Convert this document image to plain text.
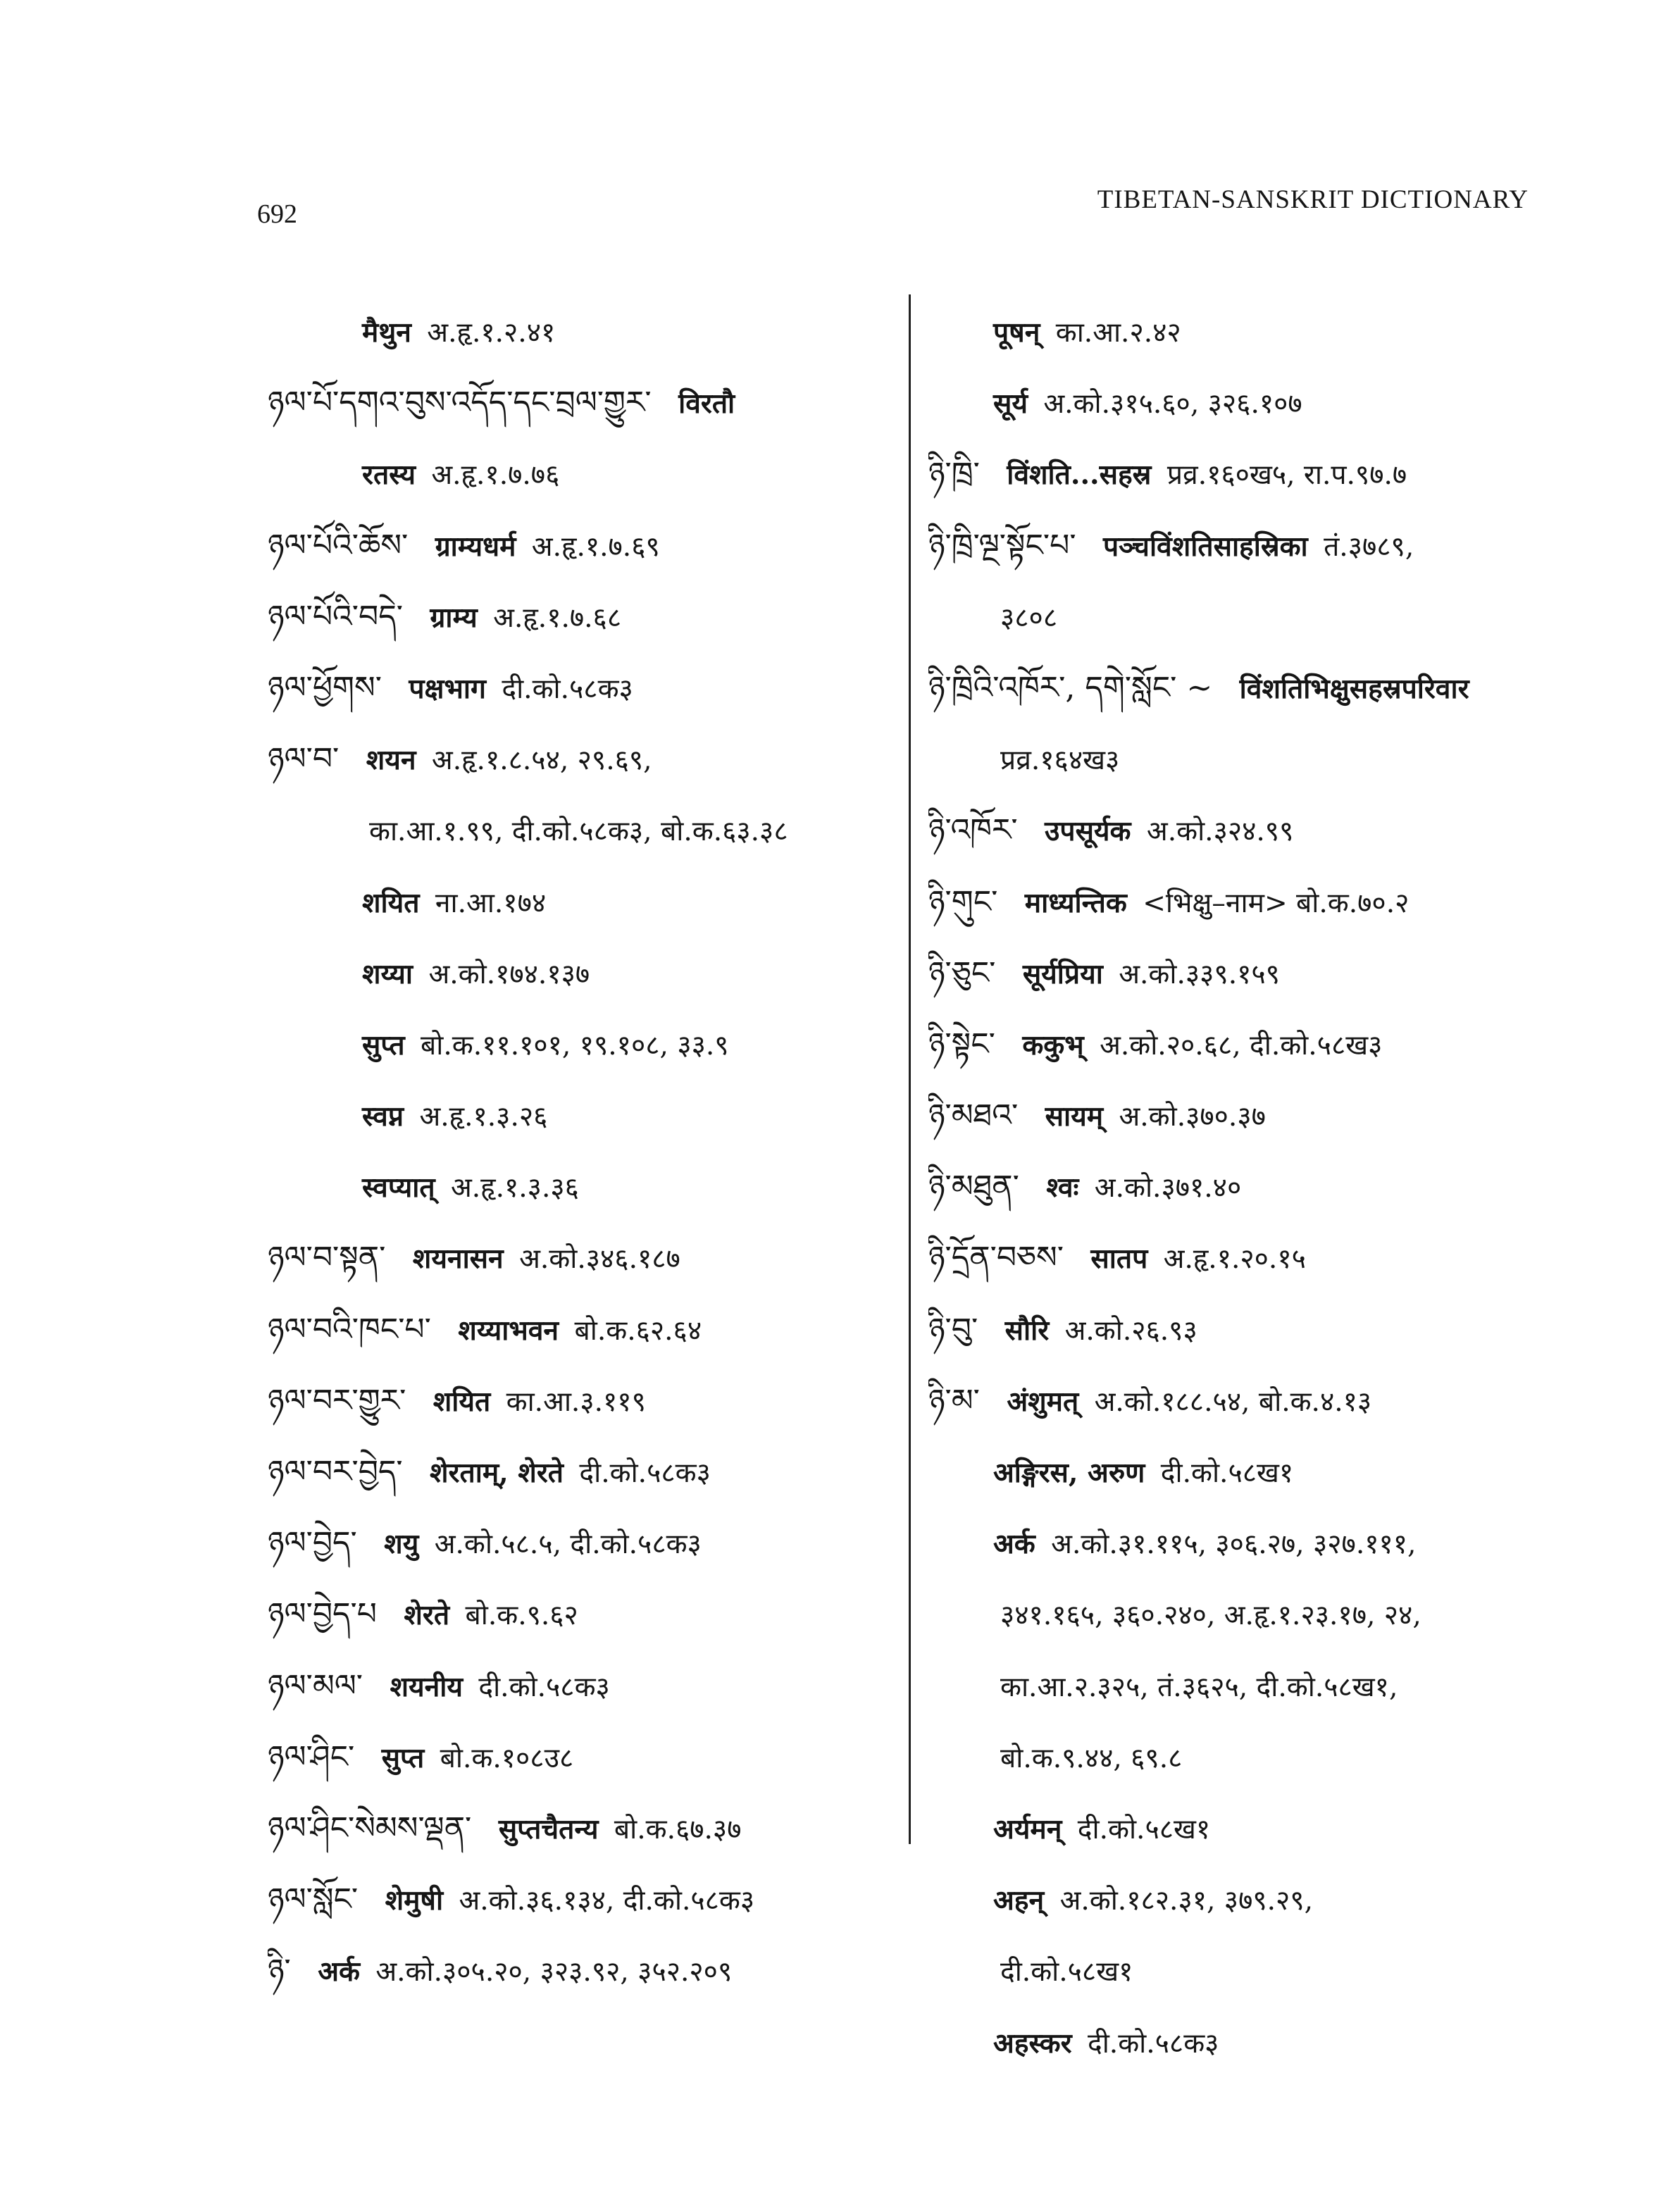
692	TIBETAN-SANSKRIT DICTIONARY
मैथुन अ.हृ.१.२.४१
ཉལ་པོ་དགའ་བུས་འདོད་དང་བྲལ་གྱུར་ विरतौ
रतस्य अ.हृ.१.७.७६
ཉལ་པོའི་ཆོས་ ग्राम्यधर्म अ.हृ.१.७.६९
ཉལ་པོའི་བདེ་ ग्राम्य अ.हृ.१.७.६८
ཉལ་ཕྱོགས་ पक्षभाग दी.को.५८क३
ཉལ་བ་ शयन अ.हृ.१.८.५४, २९.६९,
का.आ.१.९९, दी.को.५८क३, बो.क.६३.३८
शयित ना.आ.१७४
शय्या अ.को.१७४.१३७
सुप्त बो.क.११.१०१, १९.१०८, ३३.९
स्वप्न अ.हृ.१.३.२६
स्वप्यात् अ.हृ.१.३.३६
ཉལ་བ་སྟན་ शयनासन अ.को.३४६.१८७
ཉལ་བའི་ཁང་པ་ शय्याभवन बो.क.६२.६४
ཉལ་བར་གྱུར་ शयित का.आ.३.११९
ཉལ་བར་བྱེད་ शेरताम्, शेरते दी.को.५८क३
ཉལ་བྱེད་ शयु अ.को.५८.५, दी.को.५८क३
ཉལ་བྱེད་པ शेरते बो.क.९.६२
ཉལ་མལ་ शयनीय दी.को.५८क३
ཉལ་ཤིང་ सुप्त बो.क.१०८उ८
ཉལ་ཤིང་སེམས་ལྡན་ सुप्तचैतन्य बो.क.६७.३७
ཉལ་སློང་ शेमुषी अ.को.३६.१३४, दी.को.५८क३
ཉི་ अर्क अ.को.३०५.२०, ३२३.९२, ३५२.२०९
पूषन् का.आ.२.४२
सूर्य अ.को.३१५.६०, ३२६.१०७
ཉི་ཁྲི་ विंशति...सहस्र प्रव्र.१६०ख५, रा.प.९७.७
ཉི་ཁྲི་ལྔ་སྟོང་པ་ पञ्चविंशतिसाहस्रिका तं.३७८९,
३८०८
ཉི་ཁྲིའི་འཁོར་, དགེ་སློང་ ~ विंशतिभिक्षुसहस्रपरिवार
प्रव्र.१६४ख३
ཉི་འཁོར་ उपसूर्यक अ.को.३२४.९९
ཉི་གུང་ माध्यन्तिक <भिक्षु–नाम> बो.क.७०.२
ཉི་ཅུང་ सूर्यप्रिया अ.को.३३९.१५९
ཉི་སྟེང་ ककुभ् अ.को.२०.६८, दी.को.५८ख३
ཉི་མཐའ་ सायम् अ.को.३७०.३७
ཉི་མཐུན་ श्वः अ.को.३७१.४०
ཉི་དྲོན་བཅས་ सातप अ.हृ.१.२०.१५
ཉི་བུ་ सौरि अ.को.२६.९३
ཉི་མ་ अंशुमत् अ.को.१८८.५४, बो.क.४.१३
अङ्गिरस, अरुण दी.को.५८ख१
अर्क अ.को.३१.११५, ३०६.२७, ३२७.१११,
३४१.१६५, ३६०.२४०, अ.हृ.१.२३.१७, २४,
का.आ.२.३२५, तं.३६२५, दी.को.५८ख१,
बो.क.९.४४, ६९.८
अर्यमन् दी.को.५८ख१
अहन् अ.को.१८२.३१, ३७९.२९,
दी.को.५८ख१
अहस्कर दी.को.५८क३
